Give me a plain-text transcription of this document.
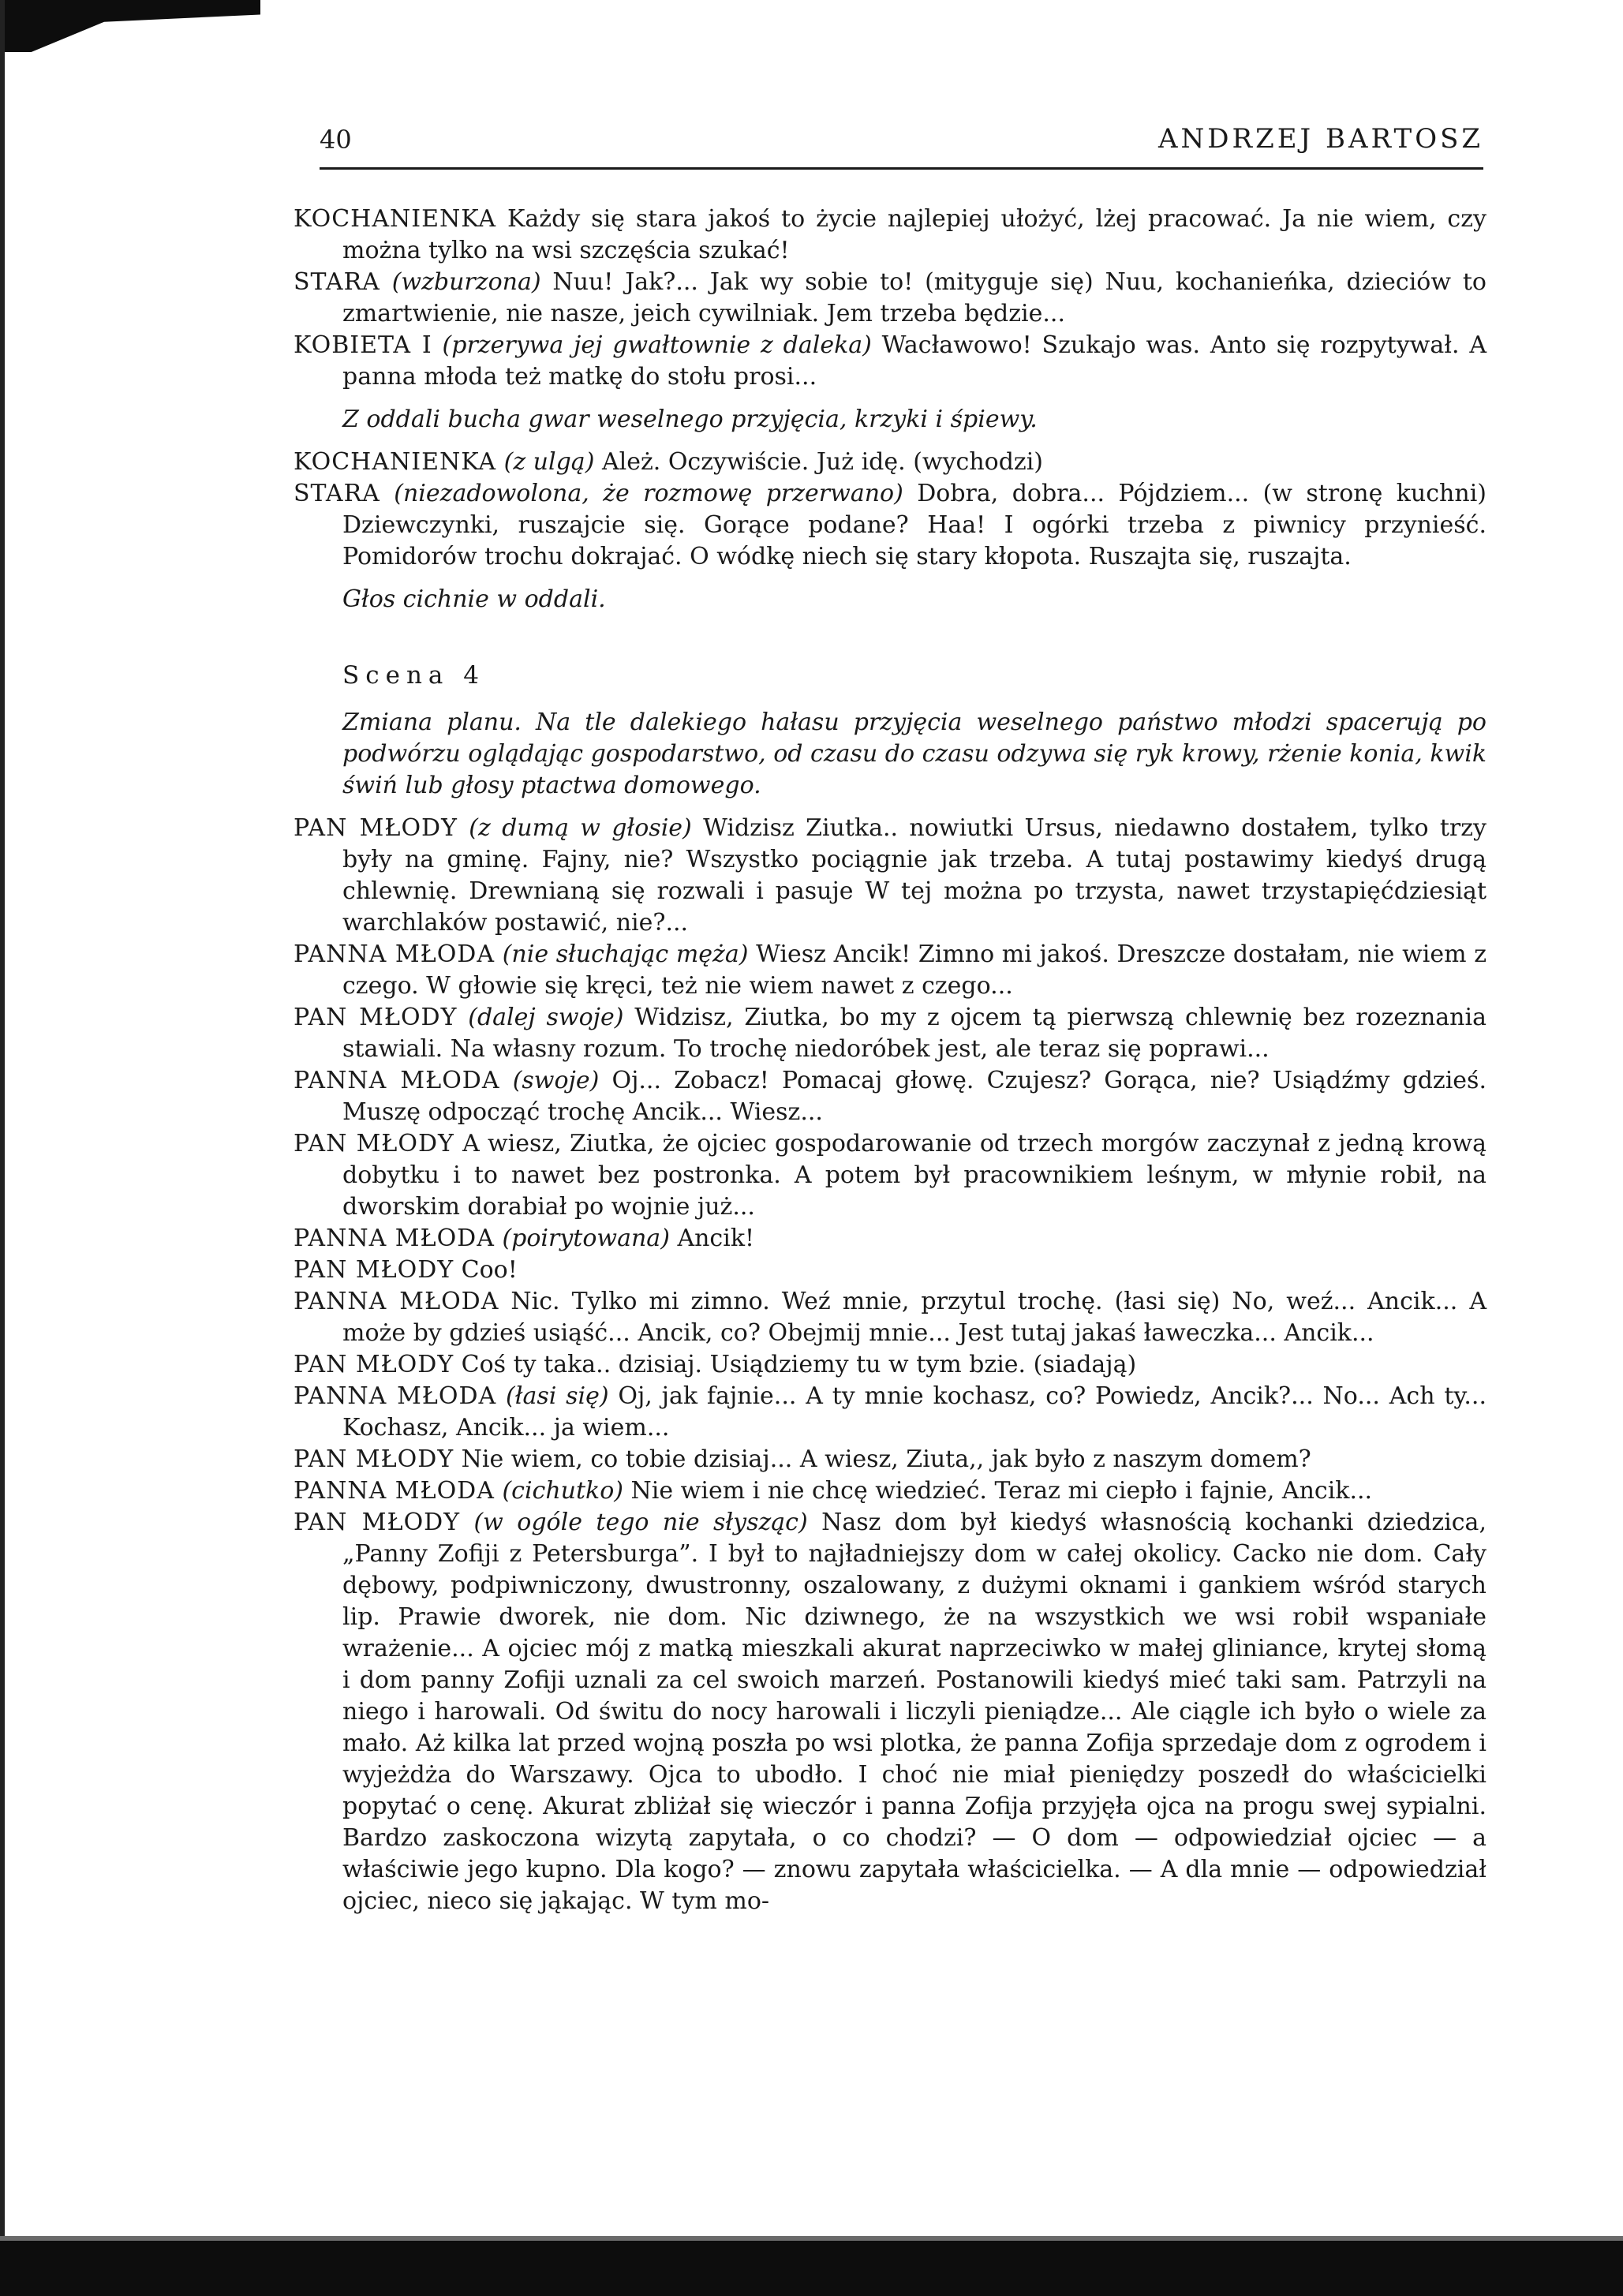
40	ANDRZEJ BARTOSZ

KOCHANIENKA Każdy się stara jakoś to życie najlepiej ułożyć, lżej pracować. Ja nie wiem, czy można tylko na wsi szczęścia szukać!

STARA (wzburzona) Nuu! Jak?... Jak wy sobie to! (mityguje się) Nuu, kochanieńka, dzieciów to zmartwienie, nie nasze, jeich cywilniak. Jem trzeba będzie...

KOBIETA I (przerywa jej gwałtownie z daleka) Wacławowo! Szukajo was. Anto się rozpytywał. A panna młoda też matkę do stołu prosi...

Z oddali bucha gwar weselnego przyjęcia, krzyki i śpiewy.

KOCHANIENKA (z ulgą) Ależ. Oczywiście. Już idę. (wychodzi)

STARA (niezadowolona, że rozmowę przerwano) Dobra, dobra... Pójdziem... (w stronę kuchni) Dziewczynki, ruszajcie się. Gorące podane? Haa! I ogórki trzeba z piwnicy przynieść. Pomidorów trochu dokrajać. O wódkę niech się stary kłopota. Ruszajta się, ruszajta.

Głos cichnie w oddali.

Scena 4

Zmiana planu. Na tle dalekiego hałasu przyjęcia weselnego państwo młodzi spacerują po podwórzu oglądając gospodarstwo, od czasu do czasu odzywa się ryk krowy, rżenie konia, kwik świń lub głosy ptactwa domowego.

PAN MŁODY (z dumą w głosie) Widzisz Ziutka.. nowiutki Ursus, niedawno dostałem, tylko trzy były na gminę. Fajny, nie? Wszystko pociągnie jak trzeba. A tutaj postawimy kiedyś drugą chlewnię. Drewnianą się rozwali i pasuje W tej można po trzysta, nawet trzystapięćdziesiąt warchlaków postawić, nie?...

PANNA MŁODA (nie słuchając męża) Wiesz Ancik! Zimno mi jakoś. Dreszcze dostałam, nie wiem z czego. W głowie się kręci, też nie wiem nawet z czego...

PAN MŁODY (dalej swoje) Widzisz, Ziutka, bo my z ojcem tą pierwszą chlewnię bez rozeznania stawiali. Na własny rozum. To trochę niedoróbek jest, ale teraz się poprawi...

PANNA MŁODA (swoje) Oj... Zobacz! Pomacaj głowę. Czujesz? Gorąca, nie? Usiądźmy gdzieś. Muszę odpocząć trochę Ancik... Wiesz...

PAN MŁODY A wiesz, Ziutka, że ojciec gospodarowanie od trzech morgów zaczynał z jedną krową dobytku i to nawet bez postronka. A potem był pracownikiem leśnym, w młynie robił, na dworskim dorabiał po wojnie już...

PANNA MŁODA (poirytowana) Ancik!

PAN MŁODY Coo!

PANNA MŁODA Nic. Tylko mi zimno. Weź mnie, przytul trochę. (łasi się) No, weź... Ancik... A może by gdzieś usiąść... Ancik, co? Obejmij mnie... Jest tutaj jakaś ławeczka... Ancik...

PAN MŁODY Coś ty taka.. dzisiaj. Usiądziemy tu w tym bzie. (siadają)

PANNA MŁODA (łasi się) Oj, jak fajnie... A ty mnie kochasz, co? Powiedz, Ancik?... No... Ach ty... Kochasz, Ancik... ja wiem...

PAN MŁODY Nie wiem, co tobie dzisiaj... A wiesz, Ziuta,, jak było z naszym domem?

PANNA MŁODA (cichutko) Nie wiem i nie chcę wiedzieć. Teraz mi ciepło i fajnie, Ancik...

PAN MŁODY (w ogóle tego nie słysząc) Nasz dom był kiedyś własnością kochanki dziedzica, „Panny Zofiji z Petersburga”. I był to najładniejszy dom w całej okolicy. Cacko nie dom. Cały dębowy, podpiwniczony, dwustronny, oszalowany, z dużymi oknami i gankiem wśród starych lip. Prawie dworek, nie dom. Nic dziwnego, że na wszystkich we wsi robił wspaniałe wrażenie... A ojciec mój z matką mieszkali akurat naprzeciwko w małej gliniance, krytej słomą i dom panny Zofiji uznali za cel swoich marzeń. Postanowili kiedyś mieć taki sam. Patrzyli na niego i harowali. Od świtu do nocy harowali i liczyli pieniądze... Ale ciągle ich było o wiele za mało. Aż kilka lat przed wojną poszła po wsi plotka, że panna Zofija sprzedaje dom z ogrodem i wyjeżdża do Warszawy. Ojca to ubodło. I choć nie miał pieniędzy poszedł do właścicielki popytać o cenę. Akurat zbliżał się wieczór i panna Zofija przyjęła ojca na progu swej sypialni. Bardzo zaskoczona wizytą zapytała, o co chodzi? — O dom — odpowiedział ojciec — a właściwie jego kupno. Dla kogo? — znowu zapytała właścicielka. — A dla mnie — odpowiedział ojciec, nieco się jąkając. W tym mo-
